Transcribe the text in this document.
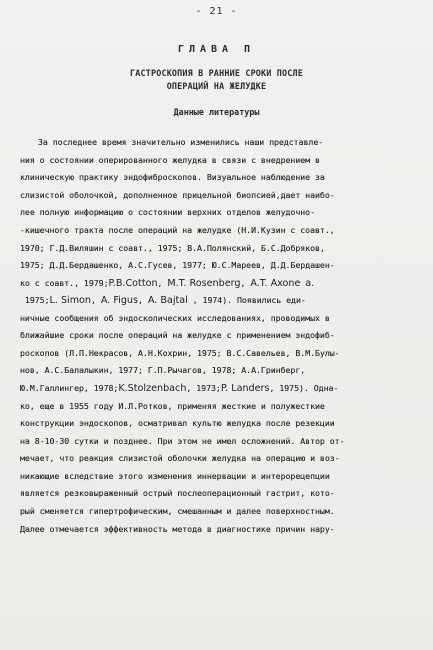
- 21 -
ГЛАВА П
ГАСТРОСКОПИЯ В РАННИЕ СРОКИ ПОСЛЕ
ОПЕРАЦИЙ НА ЖЕЛУДКЕ
Данные литературы
За последнее время значительно изменились наши представле-
ния о состоянии оперированного желудка в связи с внедрением в
клиническую практику эндофиброскопов. Визуальное наблюдение за
слизистой оболочкой, дополненное прицельной биопсией,дает наибо-
лее полную информацию о состоянии верхних отделов желудочно-
-кишечного тракта после операций на желудке (Н.И.Кузин с соавт.,
1970; Г.Д.Виляшин с соавт., 1975; В.А.Полянский, Б.С.Добряков,
1975; Д.Д.Бердашенко, А.С.Гусев, 1977; Ю.С.Мареев, Д.Д.Бердашен-
ко с соавт., 1979;P.B.Cotton, M.T. Rosenberg, A.T. Axone a.
1975;L. Simon, A. Figus, A. Bajtal , 1974). Появились еди-
ничные сообщения об эндоскопических исследованиях, проводимых в
ближайшие сроки после операций на желудке с применением эндофиб-
роскопов (Л.П.Некрасов, А.Н.Кохрин, 1975; В.С.Савельев, В.М.Булы-
нов, А.С.Балалыкин, 1977; Г.П.Рычагов, 1978; А.А.Гринберг,
Ю.М.Галлингер, 1978;K.Stolzenbach, 1973;P. Landers, 1975). Одна-
ко, еще в 1955 году И.Л.Ротков, применяя жесткие и полужесткие
конструкции эндоскопов, осматривал культю желудка после резекции
на 8-10-30 сутки и позднее. При этом не имел осложнений. Автор от-
мечает, что реакция слизистой оболочки желудка на операцию и воз-
никающие вследствие этого изменения иннервации и интерорецепции
является резковыраженный острый послеоперационный гастрит, кото-
рый сменяется гипертрофическим, смешанным и далее поверхностным.
Далее отмечается эффективность метода в диагностике причин нару-
